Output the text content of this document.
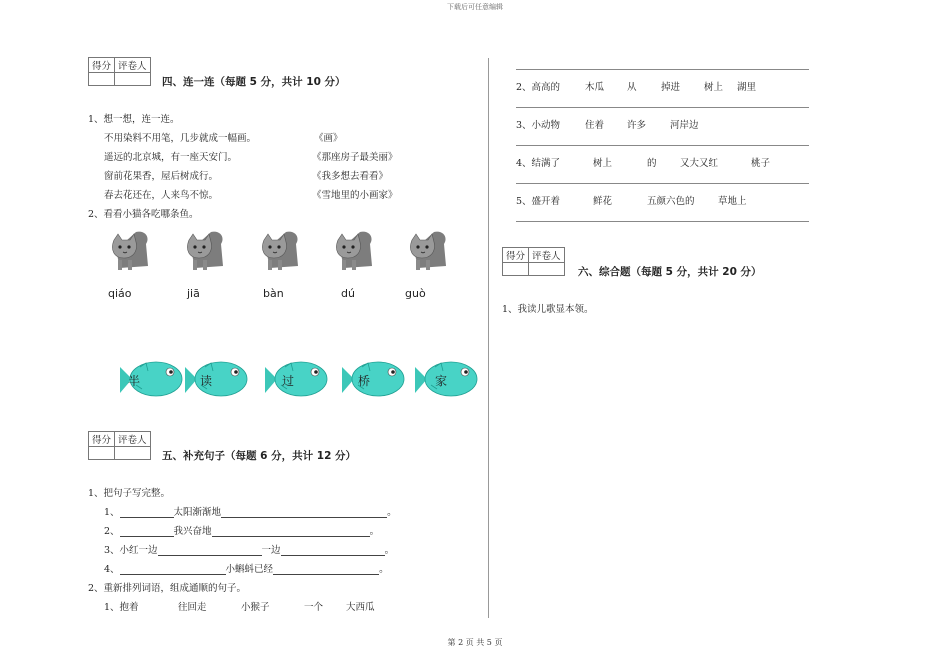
下载后可任意编辑
得分	评卷人

四、连一连（每题 5 分，共计 10 分）
1、想一想，连一连。
不用染料不用笔，几步就成一幅画。	《画》
遥远的北京城，有一座天安门。	《那座房子最美丽》
窗前花果香，屋后树成行。	《我多想去看看》
春去花还在，人来鸟不惊。	《雪地里的小画家》
2、看看小猫各吃哪条鱼。
qiáo	jiā	bàn	dú	guò
半	读	过	桥	家
得分	评卷人

五、补充句子（每题 6 分，共计 12 分）
1、把句子写完整。
1、	太阳渐渐地	。
2、	我兴奋地	。
3、小红一边	一边	。
4、	小蝌蚪已经	。
2、重新排列词语，组成通顺的句子。
1、抱着	往回走	小猴子	一个 大西瓜
2、高高的	木瓜 从	掉进	树上 湖里
3、小动物	住着 许多	河岸边
4、结满了	树上	的 又大又红	桃子
5、盛开着	鲜花	五颜六色的 草地上
得分	评卷人

六、综合题（每题 5 分，共计 20 分）
1、我读儿歌显本领。
第 2 页 共 5 页
